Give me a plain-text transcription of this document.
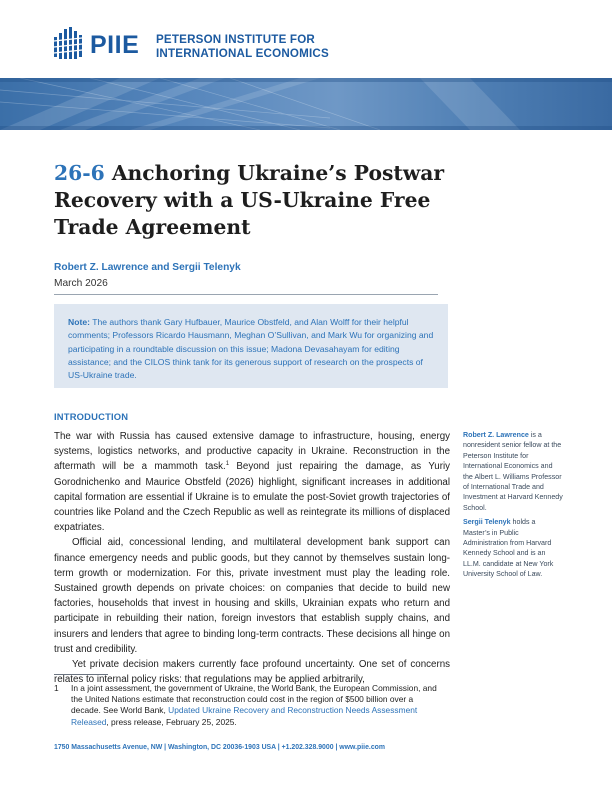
PIIE PETERSON INSTITUTE FOR
INTERNATIONAL ECONOMICS
POLICY BRIEF
26-6 Anchoring Ukraine’s Postwar
Recovery with a US-Ukraine Free
Trade Agreement
Robert Z. Lawrence and Sergii Telenyk
March 2026
Note: The authors thank Gary Hufbauer, Maurice Obstfeld, and Alan Wolff for their helpful comments; Professors Ricardo Hausmann, Meghan O’Sullivan, and Mark Wu for organizing and participating in a roundtable discussion on this issue; Madona Devasahayam for editing assistance; and the CILOS think tank for its generous support of research on the prospects of US-Ukraine trade.
INTRODUCTION

The war with Russia has caused extensive damage to infrastructure, housing, energy systems, logistics networks, and productive capacity in Ukraine. Reconstruction in the aftermath will be a mammoth task.$^1$ Beyond just repairing the damage, as Yuriy Gorodnichenko and Maurice Obstfeld (2026) highlight, significant increases in additional capital formation are essential if Ukraine is to emulate the post-Soviet growth trajectories of countries like Poland and the Czech Republic as well as reintegrate its millions of displaced expatriates.

Official aid, concessional lending, and multilateral development bank support can finance emergency needs and public goods, but they cannot by themselves sustain long-term growth or modernization. For this, private investment must play the leading role. Sustained growth depends on private choices: on companies that decide to build new factories, households that invest in housing and skills, Ukrainian expats who return and participate in rebuilding their nation, foreign investors that establish supply chains, and insurers and lenders that agree to binding long-term contracts. These decisions all hinge on trust and credibility.

Yet private decision makers currently face profound uncertainty. One set of concerns relates to internal policy risks: that regulations may be applied arbitrarily,

Robert Z. Lawrence is a nonresident senior fellow at the Peterson Institute for International Economics and the Albert L. Williams Professor of International Trade and Investment at Harvard Kennedy School.

Sergii Telenyk holds a Master’s in Public Administration from Harvard Kennedy School and is an LL.M. candidate at New York University School of Law.

1 In a joint assessment, the government of Ukraine, the World Bank, the European Commission, and the United Nations estimate that reconstruction could cost in the region of $500 billion over a decade. See World Bank, Updated Ukraine Recovery and Reconstruction Needs Assessment Released, press release, February 25, 2025.
1750 Massachusetts Avenue, NW | Washington, DC 20036-1903 USA | +1.202.328.9000 | www.piie.com
